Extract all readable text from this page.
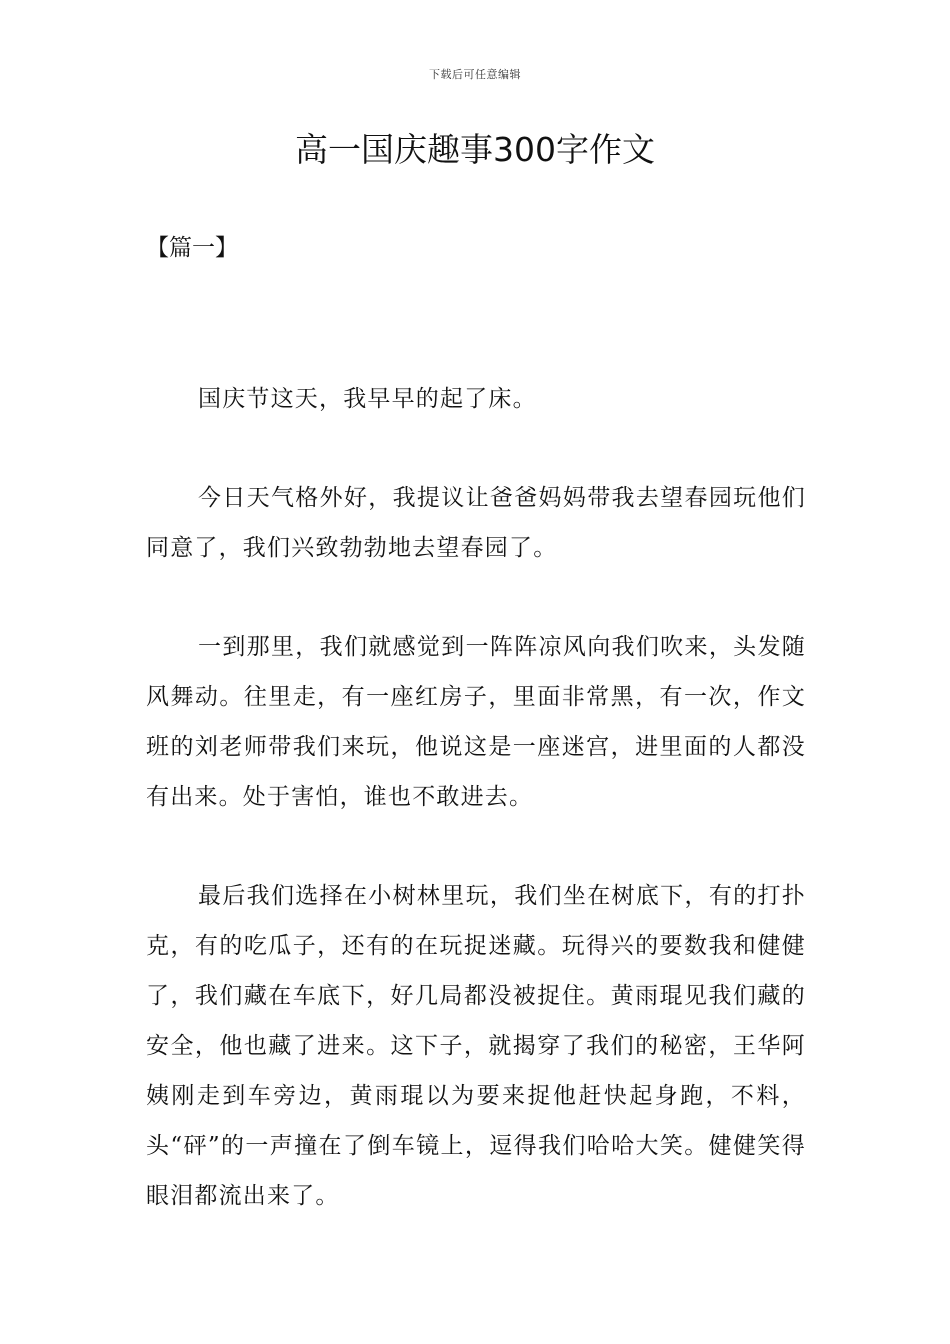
下载后可任意编辑
高一国庆趣事300字作文
【篇一】

国庆节这天，我早早的起了床。

今日天气格外好，我提议让爸爸妈妈带我去望春园玩他们同意了，我们兴致勃勃地去望春园了。

一到那里，我们就感觉到一阵阵凉风向我们吹来，头发随风舞动。往里走，有一座红房子，里面非常黑，有一次，作文班的刘老师带我们来玩，他说这是一座迷宫，进里面的人都没有出来。处于害怕，谁也不敢进去。

最后我们选择在小树林里玩，我们坐在树底下，有的打扑克，有的吃瓜子，还有的在玩捉迷藏。玩得兴的要数我和健健了，我们藏在车底下，好几局都没被捉住。黄雨琨见我们藏的安全，他也藏了进来。这下子，就揭穿了我们的秘密，王华阿姨刚走到车旁边，黄雨琨以为要来捉他赶快起身跑，不料，头“砰”的一声撞在了倒车镜上，逗得我们哈哈大笑。健健笑得眼泪都流出来了。
